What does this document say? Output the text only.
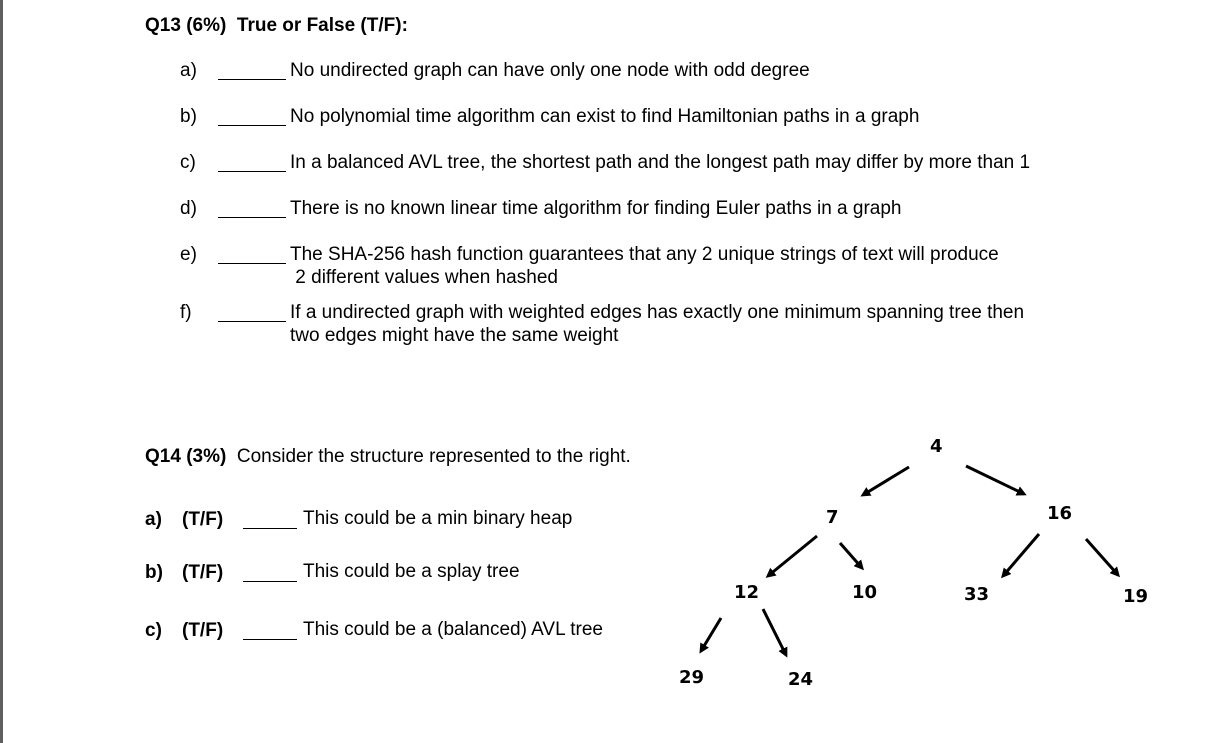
Q13 (6%) True or False (T/F):
a)	No undirected graph can have only one node with odd degree
b)	No polynomial time algorithm can exist to find Hamiltonian paths in a graph
c)	In a balanced AVL tree, the shortest path and the longest path may differ by more than 1
d)	There is no known linear time algorithm for finding Euler paths in a graph
e)	The SHA-256 hash function guarantees that any 2 unique strings of text will produce
2 different values when hashed
f)	If a undirected graph with weighted edges has exactly one minimum spanning tree then
two edges might have the same weight
Q14 (3%) Consider the structure represented to the right.
a) (T/F)	This could be a min binary heap
b) (T/F)	This could be a splay tree
c) (T/F)	This could be a (balanced) AVL tree
4
7	16
12	10	33	19
29	24
